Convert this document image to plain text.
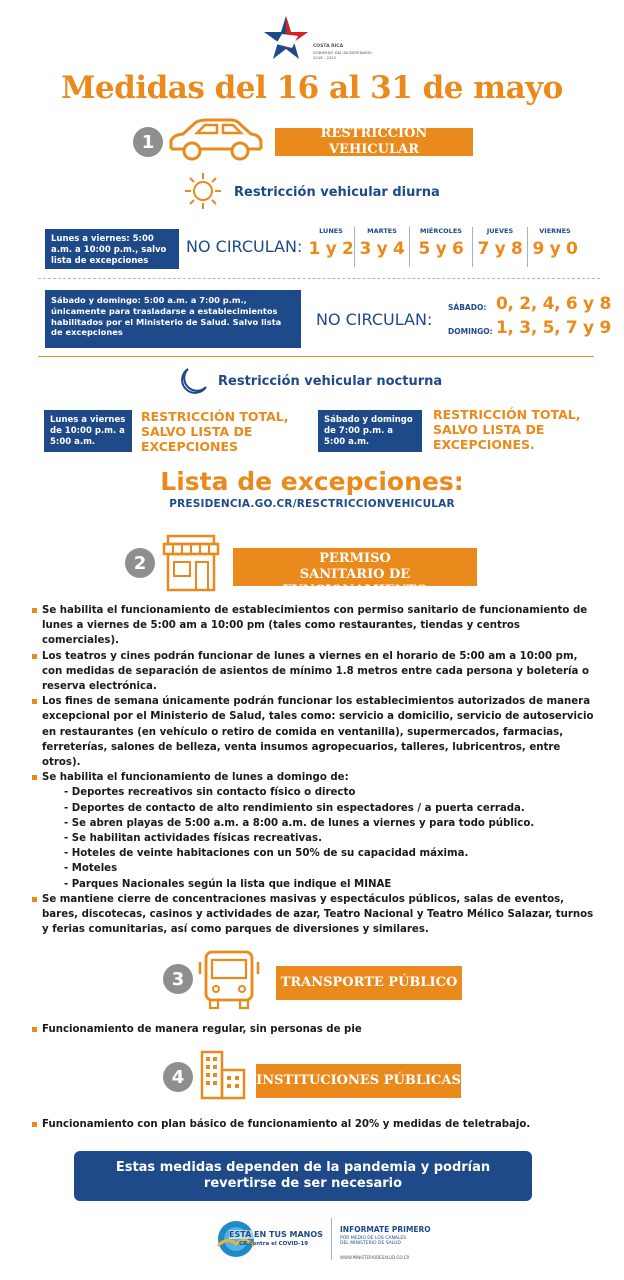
COSTA RICA
GOBIERNO DEL BICENTENARIO
2018 - 2022
Medidas del 16 al 31 de mayo
1	RESTRICCIÓN VEHICULAR
Restricción vehicular diurna
Lunes a viernes: 5:00 a.m. a 10:00 p.m., salvo lista de excepciones
NO CIRCULAN:
LUNES
1 y 2
MARTES
3 y 4
MIÉRCOLES
5 y 6
JUEVES
7 y 8
VIERNES
9 y 0
Sábado y domingo: 5:00 a.m. a 7:00 p.m., únicamente para trasladarse a establecimientos habilitados por el Ministerio de Salud. Salvo lista de excepciones
NO CIRCULAN:
SÁBADO: 0, 2, 4, 6 y 8
DOMINGO: 1, 3, 5, 7 y 9
Restricción vehicular nocturna
Lunes a viernes de 10:00 p.m. a 5:00 a.m.
RESTRICCIÓN TOTAL, SALVO LISTA DE EXCEPCIONES
Sábado y domingo de 7:00 p.m. a 5:00 a.m.
RESTRICCIÓN TOTAL, SALVO LISTA DE EXCEPCIONES.
Lista de excepciones:
PRESIDENCIA.GO.CR/RESCTRICCIONVEHICULAR
2
ESTABLECIMIENTOS POR PERMISO
SANITARIO DE FUNCIONAMIENTO
Se habilita el funcionamiento de establecimientos con permiso sanitario de funcionamiento de lunes a viernes de 5:00 am a 10:00 pm (tales como restaurantes, tiendas y centros comerciales).
Los teatros y cines podrán funcionar de lunes a viernes en el horario de 5:00 am a 10:00 pm, con medidas de separación de asientos de mínimo 1.8 metros entre cada persona y boletería o reserva electrónica.
Los fines de semana únicamente podrán funcionar los establecimientos autorizados de manera excepcional por el Ministerio de Salud, tales como: servicio a domicilio, servicio de autoservicio en restaurantes (en vehículo o retiro de comida en ventanilla), supermercados, farmacias, ferreterías, salones de belleza, venta insumos agropecuarios, talleres, lubricentros, entre otros).
Se habilita el funcionamiento de lunes a domingo de:
- Deportes recreativos sin contacto físico o directo
- Deportes de contacto de alto rendimiento sin espectadores / a puerta cerrada.
- Se abren playas de 5:00 a.m. a 8:00 a.m. de lunes a viernes y para todo público.
- Se habilitan actividades físicas recreativas.
- Hoteles de veinte habitaciones con un 50% de su capacidad máxima.
- Moteles
- Parques Nacionales según la lista que indique el MINAE
Se mantiene cierre de concentraciones masivas y espectáculos públicos, salas de eventos, bares, discotecas, casinos y actividades de azar, Teatro Nacional y Teatro Mélico Salazar, turnos y ferias comunitarias, así como parques de diversiones y similares.
3	TRANSPORTE PÚBLICO
Funcionamiento de manera regular, sin personas de pie
4	INSTITUCIONES PÚBLICAS
Funcionamiento con plan básico de funcionamiento al 20% y medidas de teletrabajo.
Estas medidas dependen de la pandemia y podrían revertirse de ser necesario
ESTÁ EN TUS MANOS
CR contra el COVID-19
INFORMATE PRIMERO
POR MEDIO DE LOS CANALES
DEL MINISTERIO DE SALUD
WWW.MINISTERIODESALUD.GO.CR
